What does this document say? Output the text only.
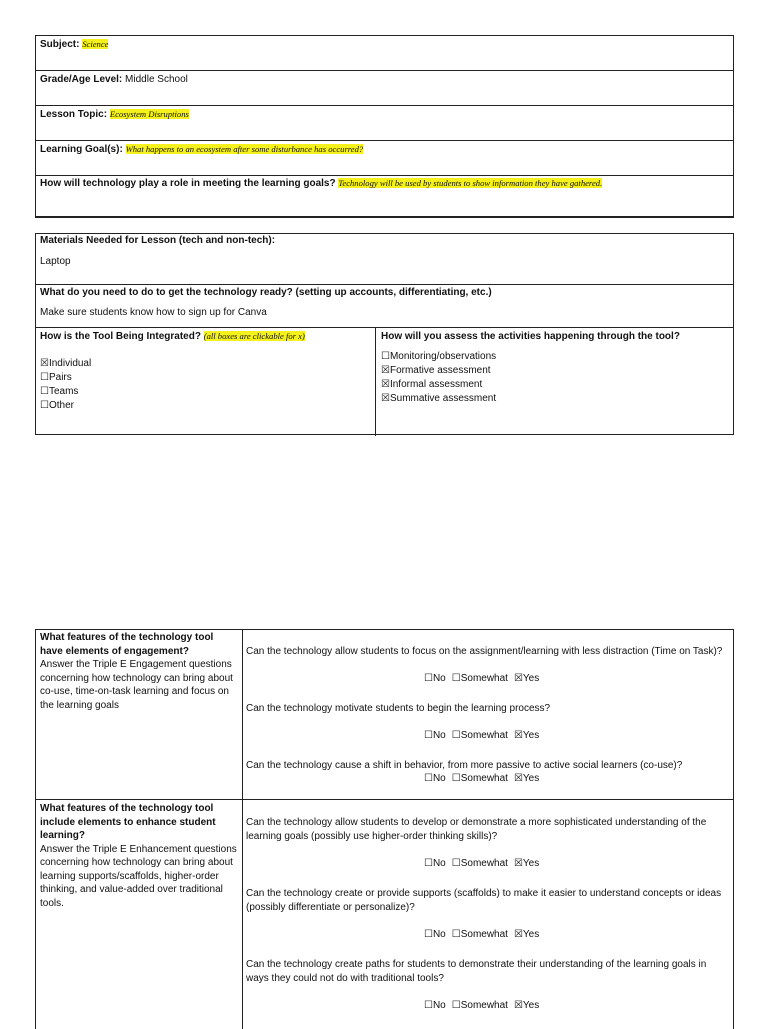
Subject: Science
Grade/Age Level: Middle School
Lesson Topic: Ecosystem Disruptions
Learning Goal(s): What happens to an ecosystem after some disturbance has occurred?
How will technology play a role in meeting the learning goals? Technology will be used by students to show information they have gathered.
Materials Needed for Lesson (tech and non-tech):
Laptop
What do you need to do to get the technology ready? (setting up accounts, differentiating, etc.)
Make sure students know how to sign up for Canva
How is the Tool Being Integrated? (all boxes are clickable for x)
☒Individual
☐Pairs
☐Teams
☐Other
How will you assess the activities happening through the tool?
☐Monitoring/observations
☒Formative assessment
☒Informal assessment
☒Summative assessment
What features of the technology tool have elements of engagement?
Answer the Triple E Engagement questions concerning how technology can bring about co-use, time-on-task learning and focus on the learning goals
Can the technology allow students to focus on the assignment/learning with less distraction (Time on Task)?
☐No ☐Somewhat ☒Yes
Can the technology motivate students to begin the learning process?
☐No ☐Somewhat ☒Yes
Can the technology cause a shift in behavior, from more passive to active social learners (co-use)?
☐No ☐Somewhat ☒Yes
What features of the technology tool include elements to enhance student learning?
Answer the Triple E Enhancement questions concerning how technology can bring about learning supports/scaffolds, higher-order thinking, and value-added over traditional tools.
Can the technology allow students to develop or demonstrate a more sophisticated understanding of the learning goals (possibly use higher-order thinking skills)?
☐No ☐Somewhat ☒Yes
Can the technology create or provide supports (scaffolds) to make it easier to understand concepts or ideas (possibly differentiate or personalize)?
☐No ☐Somewhat ☒Yes
Can the technology create paths for students to demonstrate their understanding of the learning goals in ways they could not do with traditional tools?
☐No ☐Somewhat ☒Yes
